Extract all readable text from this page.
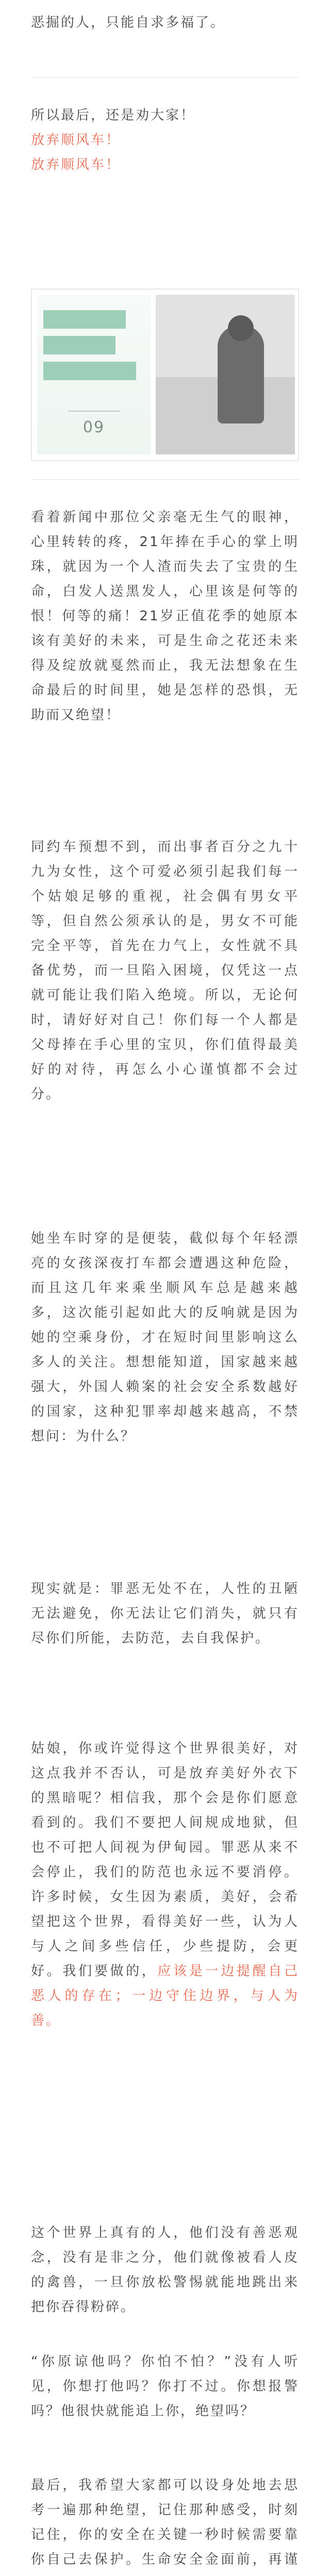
恶掘的人，只能自求多福了。

所以最后，还是劝大家！
放弃顺风车！
放弃顺风车！
09

看着新闻中那位父亲毫无生气的眼神，心里转转的疼，21年捧在手心的掌上明珠，就因为一个人渣而失去了宝贵的生命，白发人送黑发人，心里该是何等的恨！何等的痛！21岁正值花季的她原本该有美好的未来，可是生命之花还未来得及绽放就戛然而止，我无法想象在生命最后的时间里，她是怎样的恐惧，无助而又绝望！

同约车预想不到，而出事者百分之九十九为女性，这个可爱必须引起我们每一个姑娘足够的重视，社会偶有男女平等，但自然公须承认的是，男女不可能完全平等，首先在力气上，女性就不具备优势，而一旦陷入困境，仅凭这一点就可能让我们陷入绝境。所以，无论何时，请好好对自己！你们每一个人都是父母捧在手心里的宝贝，你们值得最美好的对待，再怎么小心谨慎都不会过分。

她坐车时穿的是便装，截似每个年轻漂亮的女孩深夜打车都会遭遇这种危险，而且这几年来乘坐顺风车总是越来越多，这次能引起如此大的反响就是因为她的空乘身份，才在短时间里影响这么多人的关注。想想能知道，国家越来越强大，外国人赖案的社会安全系数越好的国家，这种犯罪率却越来越高，不禁想问：为什么？

现实就是：罪恶无处不在，人性的丑陋无法避免，你无法让它们消失，就只有尽你们所能，去防范，去自我保护。

姑娘，你或许觉得这个世界很美好，对这点我并不否认，可是放弃美好外衣下的黑暗呢？相信我，那个会是你们愿意看到的。我们不要把人间规成地狱，但也不可把人间视为伊甸园。罪恶从来不会停止，我们的防范也永远不要消停。许多时候，女生因为素质，美好，会希望把这个世界，看得美好一些，认为人与人之间多些信任，少些提防，会更好。我们要做的，应该是一边提醒自己恶人的存在；一边守住边界，与人为善。

这个世界上真有的人，他们没有善恶观念，没有是非之分，他们就像被看人皮的禽兽，一旦你放松警惕就能地跳出来把你吞得粉碎。

“你原谅他吗？你怕不怕？”没有人听见，你想打他吗？你打不过。你想报警吗？他很快就能追上你，绝望吗？

最后，我希望大家都可以设身处地去思考一遍那种绝望，记住那种感受，时刻记住，你的安全在关键一秒时候需要靠你自己去保护。生命安全金面前，再谨
